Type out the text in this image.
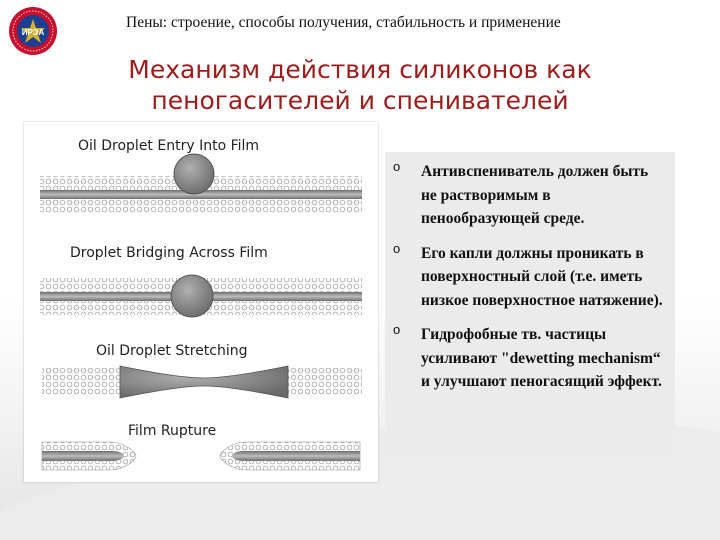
ИРЭА
Пены: строение, способы получения, стабильность и применение
Механизм действия силиконов как пеногасителей и спенивателей
Oil Droplet Entry Into Film
Droplet Bridging Across Film
Oil Droplet Stretching
Film Rupture
o Антивспениватель должен быть не растворимым в пенообразующей среде.
o Его капли должны проникать в поверхностный слой (т.е. иметь низкое поверхностное натяжение).
o Гидрофобные тв. частицы усиливают "dewetting mechanism“ и улучшают пеногасящий эффект.
